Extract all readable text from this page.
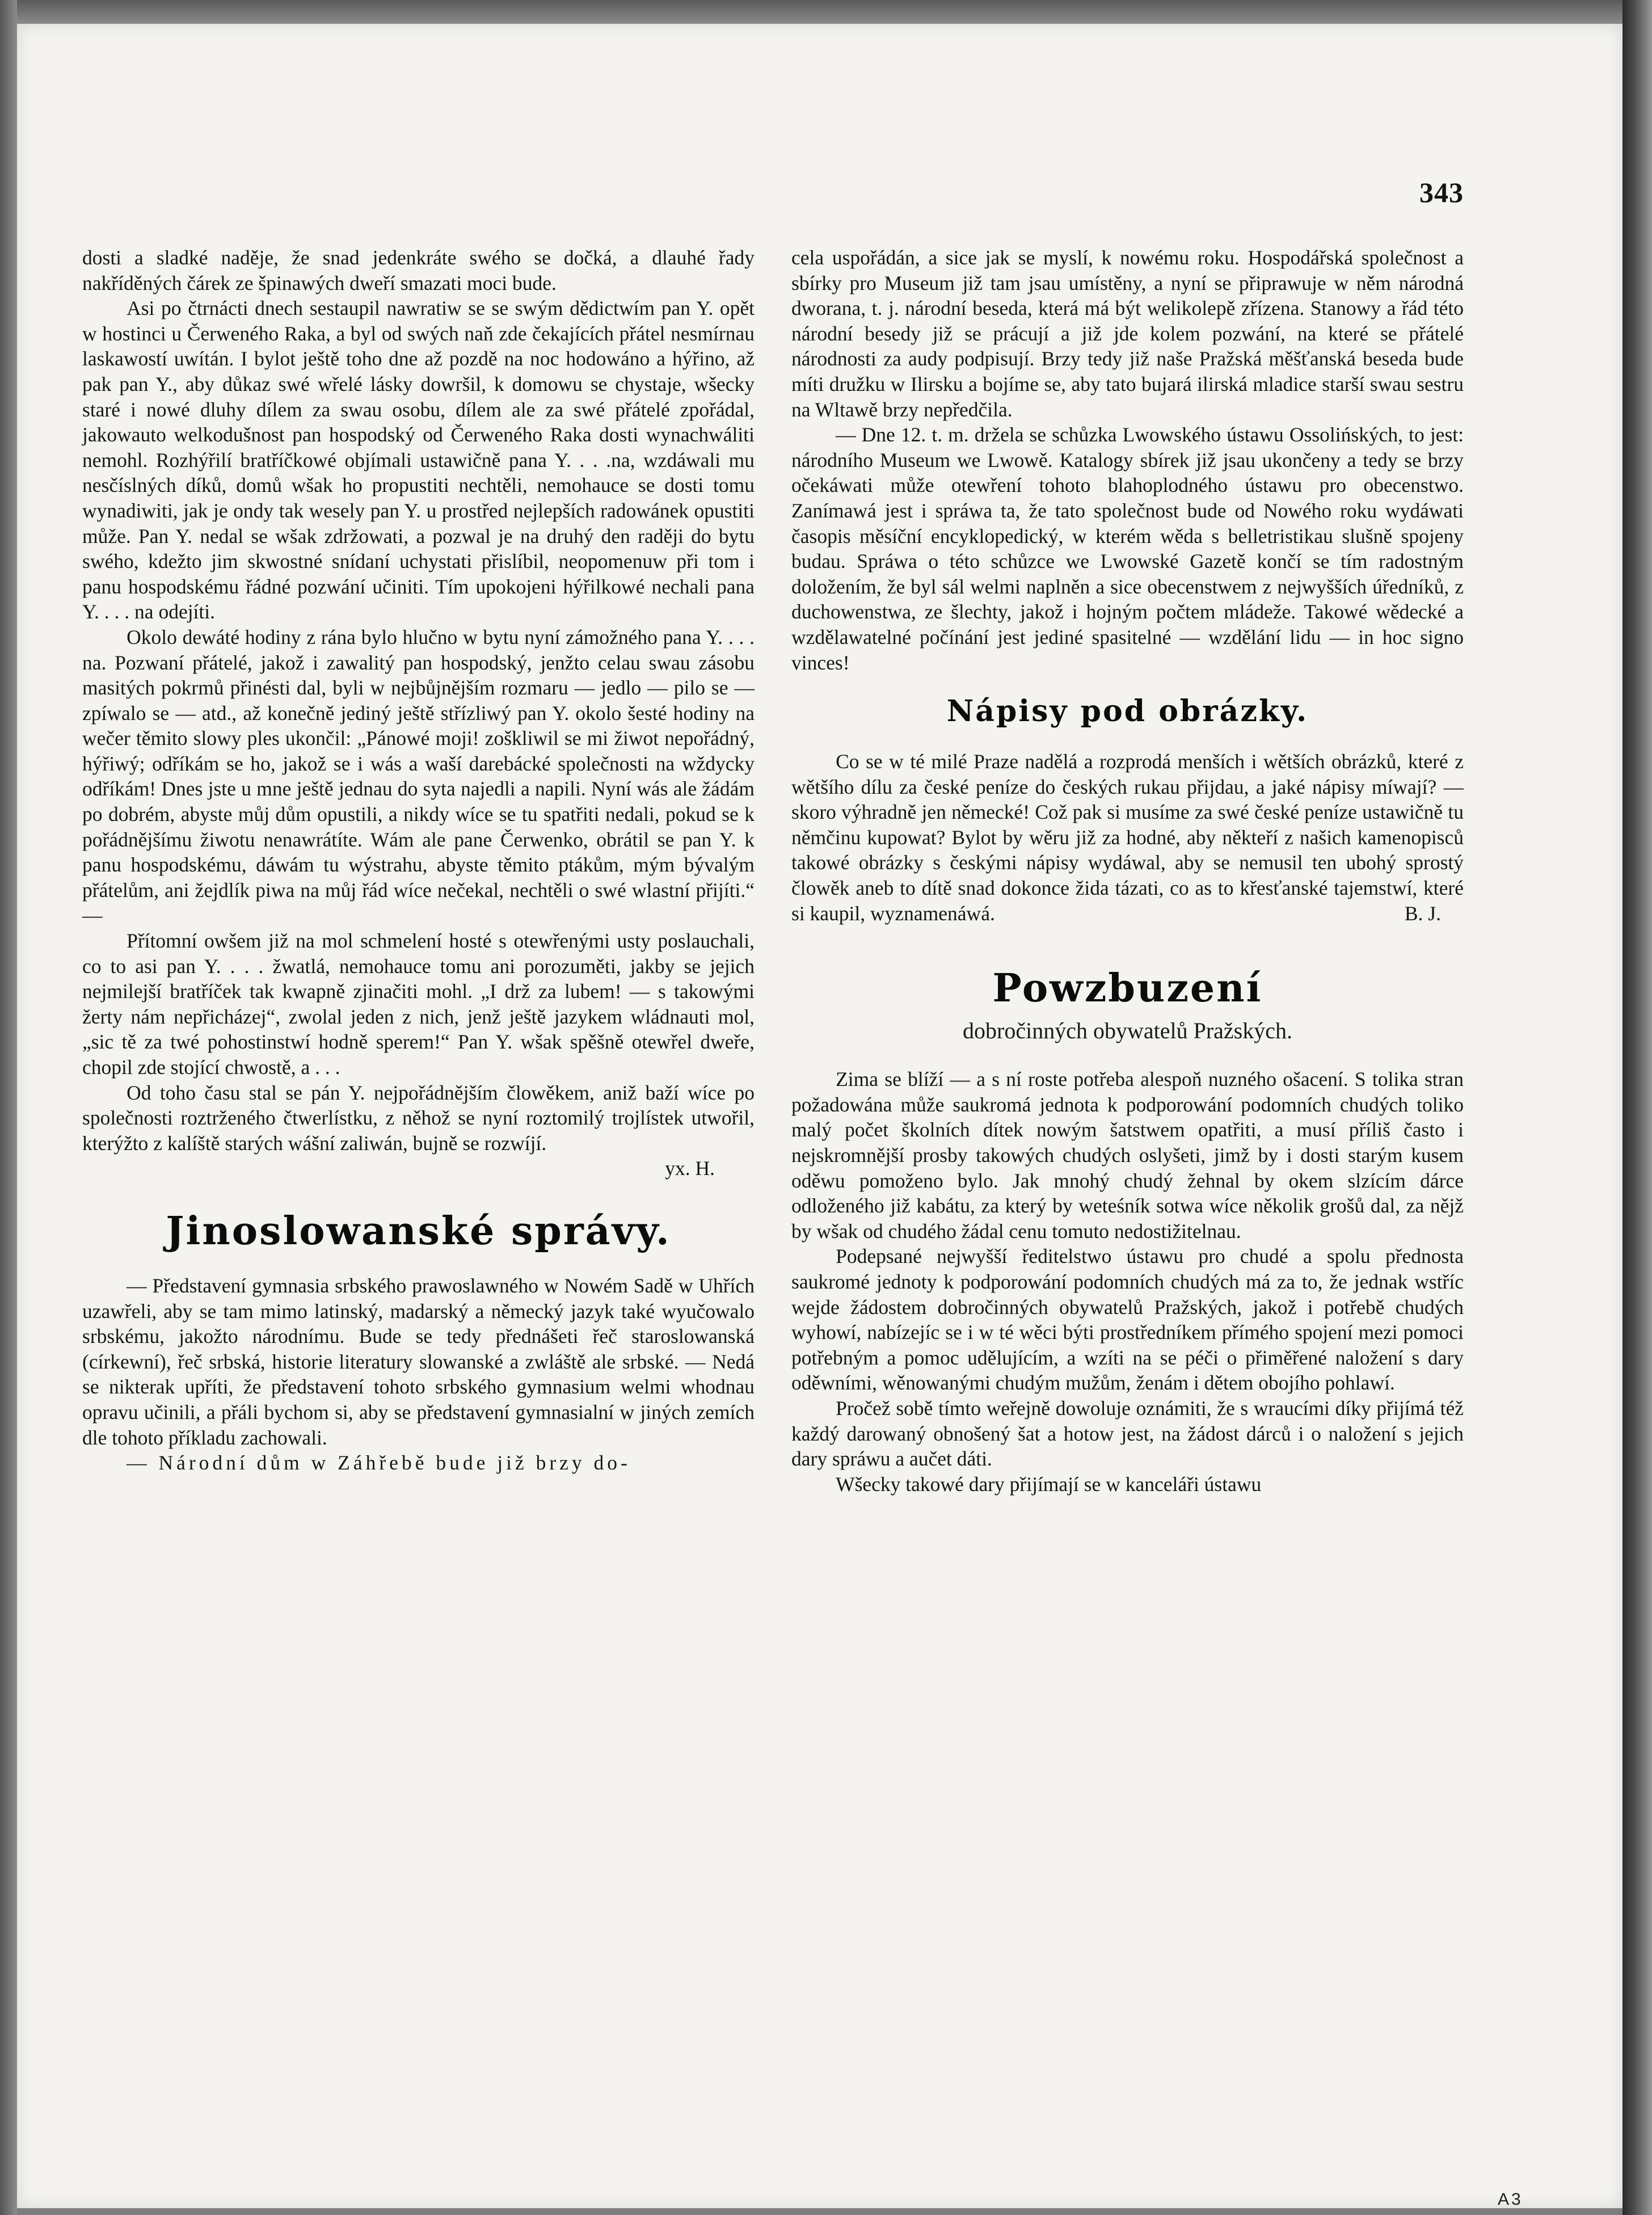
343

dosti a sladké naděje, že snad jedenkráte swého se dočká, a dlauhé řady nakříděných čárek ze špinawých dweří smazati moci bude.

Asi po čtrnácti dnech sestaupil nawratiw se se swým dědictwím pan Y. opět w hostinci u Čerweného Raka, a byl od swých naň zde čekajících přátel nesmírnau laskawostí uwítán. I bylot ještě toho dne až pozdě na noc hodowáno a hýřino, až pak pan Y., aby důkaz swé wřelé lásky dowršil, k domowu se chystaje, wšecky staré i nowé dluhy dílem za swau osobu, dílem ale za swé přátelé zpořádal, jakowauto welkodušnost pan hospodský od Čerweného Raka dosti wynachwáliti nemohl. Rozhýřilí bratříčkowé objímali ustawičně pana Y. . . .na, wzdáwali mu nesčíslných díků, domů wšak ho propustiti nechtěli, nemohauce se dosti tomu wynadiwiti, jak je ondy tak wesely pan Y. u prostřed nejlepších radowánek opustiti může. Pan Y. nedal se wšak zdržowati, a pozwal je na druhý den raději do bytu swého, kdežto jim skwostné snídaní uchystati přislíbil, neopomenuw při tom i panu hospodskému řádné pozwání učiniti. Tím upokojeni hýřilkowé nechali pana Y. . . . na odejíti.

Okolo dewáté hodiny z rána bylo hlučno w bytu nyní zámožného pana Y. . . . na. Pozwaní přátelé, jakož i zawalitý pan hospodský, jenžto celau swau zásobu masitých pokrmů přinésti dal, byli w nejbůjnějším rozmaru — jedlo — pilo se — zpíwalo se — atd., až konečně jediný ještě střízliwý pan Y. okolo šesté hodiny na wečer těmito slowy ples ukončil: „Pánowé moji! zoškliwil se mi žiwot nepořádný, hýřiwý; odříkám se ho, jakož se i wás a waší darebácké společnosti na wždycky odříkám! Dnes jste u mne ještě jednau do syta najedli a napili. Nyní wás ale žádám po dobrém, abyste můj dům opustili, a nikdy wíce se tu spatřiti nedali, pokud se k pořádnějšímu žiwotu nenawrátíte. Wám ale pane Čerwenko, obrátil se pan Y. k panu hospodskému, dáwám tu wýstrahu, abyste těmito ptákům, mým bývalým přátelům, ani žejdlík piwa na můj řád wíce nečekal, nechtěli o swé wlastní přijíti.“ —

Přítomní owšem již na mol schmelení hosté s otewřenými usty poslauchali, co to asi pan Y. . . . žwatlá, nemohauce tomu ani porozuměti, jakby se jejich nejmilejší bratříček tak kwapně zjinačiti mohl. „I drž za lubem! — s takowými žerty nám nepřicházej“, zwolal jeden z nich, jenž ještě jazykem wládnauti mol, „sic tě za twé pohostinstwí hodně sperem!“ Pan Y. wšak spěšně otewřel dweře, chopil zde stojící chwostě, a . . .

Od toho času stal se pán Y. nejpořádnějším člowěkem, aniž baží wíce po společnosti roztrženého čtwerlístku, z něhož se nyní roztomilý trojlístek utwořil, kterýžto z kalíště starých wášní zaliwán, bujně se rozwíjí.

yx. H.

Jinoslowanské správy.

— Představení gymnasia srbského prawoslawného w Nowém Sadě w Uhřích uzawřeli, aby se tam mimo latinský, madarský a německý jazyk také wyučowalo srbskému, jakožto národnímu. Bude se tedy přednášeti řeč staroslowanská (církewní), řeč srbská, historie literatury slowanské a zwláště ale srbské. — Nedá se nikterak upříti, že představení tohoto srbského gymnasium welmi whodnau opravu učinili, a přáli bychom si, aby se představení gymnasialní w jiných zemích dle tohoto příkladu zachowali.

— Národní dům w Záhřebě bude již brzy do-

cela uspořádán, a sice jak se myslí, k nowému roku. Hospodářská společnost a sbírky pro Museum již tam jsau umístěny, a nyní se připrawuje w něm národná dworana, t. j. národní beseda, která má být welikolepě zřízena. Stanowy a řád této národní besedy již se prácují a již jde kolem pozwání, na které se přátelé národnosti za audy podpisují. Brzy tedy již naše Pražská měšťanská beseda bude míti družku w Ilirsku a bojíme se, aby tato bujará ilirská mladice starší swau sestru na Wltawě brzy nepředčila.

— Dne 12. t. m. držela se schůzka Lwowského ústawu Ossolińských, to jest: národního Museum we Lwowě. Katalogy sbírek již jsau ukončeny a tedy se brzy očekáwati může otewření tohoto blahoplodného ústawu pro obecenstwo. Zanímawá jest i spráwa ta, že tato společnost bude od Nowého roku wydáwati časopis měsíční encyklopedický, w kterém wěda s belletristikau slušně spojeny budau. Spráwa o této schůzce we Lwowské Gazetě končí se tím radostným doložením, že byl sál welmi naplněn a sice obecenstwem z nejwyšších úředníků, z duchowenstwa, ze šlechty, jakož i hojným počtem mládeže. Takowé wědecké a wzdělawatelné počínání jest jediné spasitelné — wzdělání lidu — in hoc signo vinces!

Nápisy pod obrázky.

Co se w té milé Praze nadělá a rozprodá menších i wětších obrázků, které z wětšího dílu za české peníze do českých rukau přijdau, a jaké nápisy míwají? — skoro výhradně jen německé! Což pak si musíme za swé české peníze ustawičně tu němčinu kupowat? Bylot by wěru již za hodné, aby někteří z našich kamenopisců takowé obrázky s českými nápisy wydáwal, aby se nemusil ten ubohý sprostý člowěk aneb to dítě snad dokonce žida tázati, co as to křesťanské tajemstwí, které si kaupil, wyznamenáwá.	B. J.

Powzbuzení
dobročinných obywatelů Pražských.

Zima se blíží — a s ní roste potřeba alespoň nuzného ošacení. S tolika stran požadowána může saukromá jednota k podporowání podomních chudých toliko malý počet školních dítek nowým šatstwem opatřiti, a musí příliš často i nejskromnější prosby takowých chudých oslyšeti, jimž by i dosti starým kusem oděwu pomoženo bylo. Jak mnohý chudý žehnal by okem slzícím dárce odloženého již kabátu, za který by weteśník sotwa wíce několik grošů dal, za nějž by wšak od chudého žádal cenu tomuto nedostižitelnau.

Podepsané nejwyšší ředitelstwo ústawu pro chudé a spolu přednosta saukromé jednoty k podporowání podomních chudých má za to, že jednak wstříc wejde žádostem dobročinných obywatelů Pražských, jakož i potřebě chudých wyhowí, nabízejíc se i w té wěci býti prostředníkem přímého spojení mezi pomoci potřebným a pomoc udělujícím, a wzíti na se péči o přiměřené naložení s dary oděwními, wěnowanými chudým mužům, ženám i dětem obojího pohlawí.

Pročež sobě tímto weřejně dowoluje oznámiti, že s wraucími díky přijímá též každý darowaný obnošený šat a hotow jest, na žádost dárců i o naložení s jejich dary spráwu a aučet dáti.

Wšecky takowé dary přijímají se w kanceláři ústawu

A3
